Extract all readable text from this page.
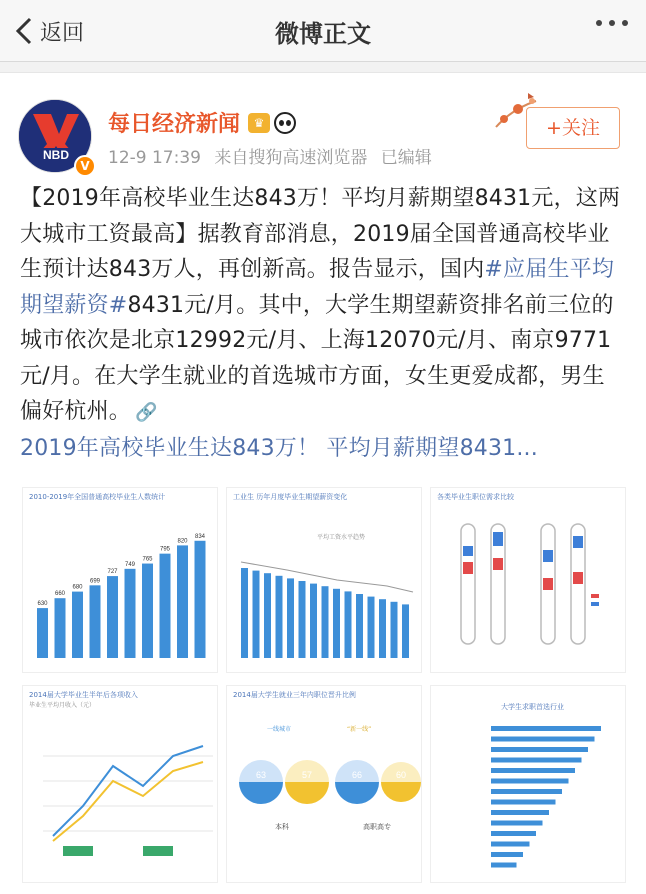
返回	微博正文
NBD
V
每日经济新闻	♛
12-9 17:39 来自搜狗高速浏览器 已编辑
+关注
【2019年高校毕业生达843万！平均月薪期望8431元，这两大城市工资最高】据教育部消息，2019届全国普通高校毕业生预计达843万人，再创新高。报告显示，国内#应届生平均期望薪资#8431元/月。其中，大学生期望薪资排名前三位的城市依次是北京12992元/月、上海12070元/月、南京9771元/月。在大学生就业的首选城市方面，女生更爱成都，男生偏好杭州。 🔗
2019年高校毕业生达843万！ 平均月薪期望8431...
2010-2019年全国普通高校毕业生人数统计
630
660
680
699
727
749
765
795
820
834
工业生 历年月度毕业生期望薪资变化
平均工资水平趋势
各类毕业生职位需求比较
2014届大学毕业生半年后各项收入
毕业生平均月收入（元）
2014届大学生就业三年内职位晋升比例
一线城市	“新一线”
63	57	66	60
本科	高职高专
大学生求职首选行业
